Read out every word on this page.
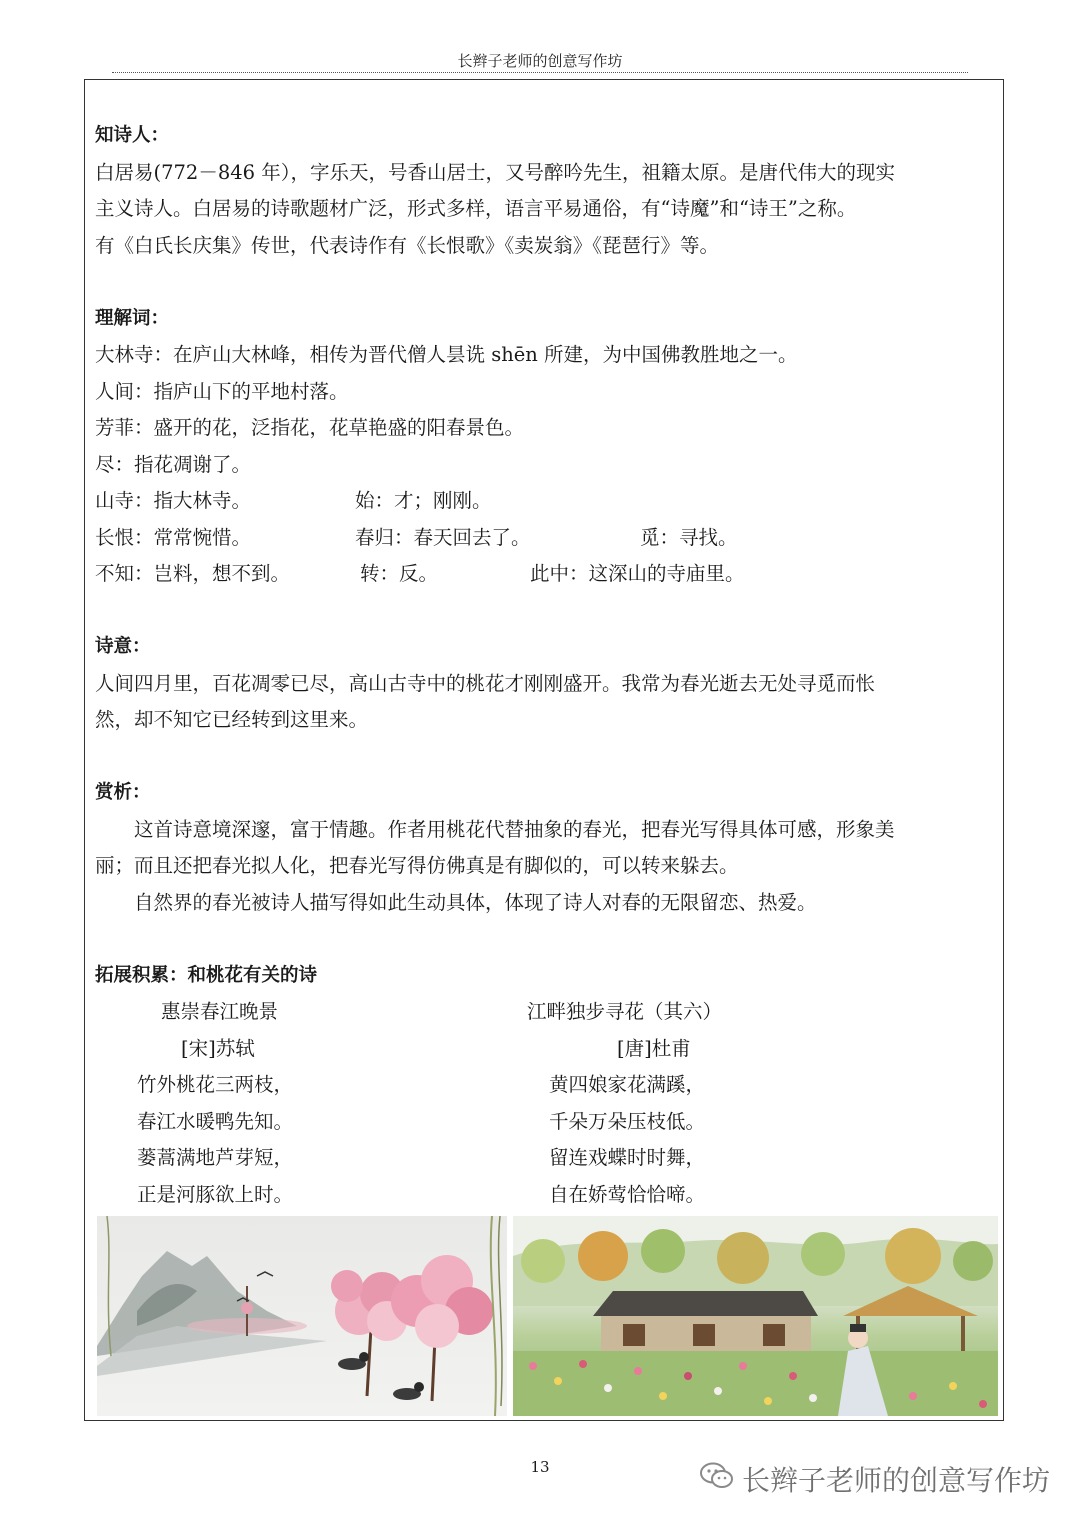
长辫子老师的创意写作坊
知诗人：

白居易(772－846 年），字乐天，号香山居士，又号醉吟先生，祖籍太原。是唐代伟大的现实

主义诗人。白居易的诗歌题材广泛，形式多样，语言平易通俗，有“诗魔”和“诗王”之称。

有《白氏长庆集》传世，代表诗作有《长恨歌》《卖炭翁》《琵琶行》等。

理解词：

大林寺：在庐山大林峰，相传为晋代僧人昙诜 shēn 所建，为中国佛教胜地之一。

人间：指庐山下的平地村落。

芳菲：盛开的花，泛指花，花草艳盛的阳春景色。

尽：指花凋谢了。

山寺：指大林寺。	始：才；刚刚。
长恨：常常惋惜。	春归：春天回去了。	觅：寻找。
不知：岂料，想不到。	转：反。	此中：这深山的寺庙里。
诗意：

人间四月里，百花凋零已尽，高山古寺中的桃花才刚刚盛开。我常为春光逝去无处寻觅而怅

然，却不知它已经转到这里来。

赏析：

这首诗意境深邃，富于情趣。作者用桃花代替抽象的春光，把春光写得具体可感，形象美

丽；而且还把春光拟人化，把春光写得仿佛真是有脚似的，可以转来躲去。

自然界的春光被诗人描写得如此生动具体，体现了诗人对春的无限留恋、热爱。

拓展积累：和桃花有关的诗
惠崇春江晚景
[宋]苏轼
竹外桃花三两枝，
春江水暖鸭先知。
蒌蒿满地芦芽短，
正是河豚欲上时。
江畔独步寻花（其六）
[唐]杜甫
黄四娘家花满蹊，
千朵万朵压枝低。
留连戏蝶时时舞，
自在娇莺恰恰啼。
13	长辫子老师的创意写作坊
